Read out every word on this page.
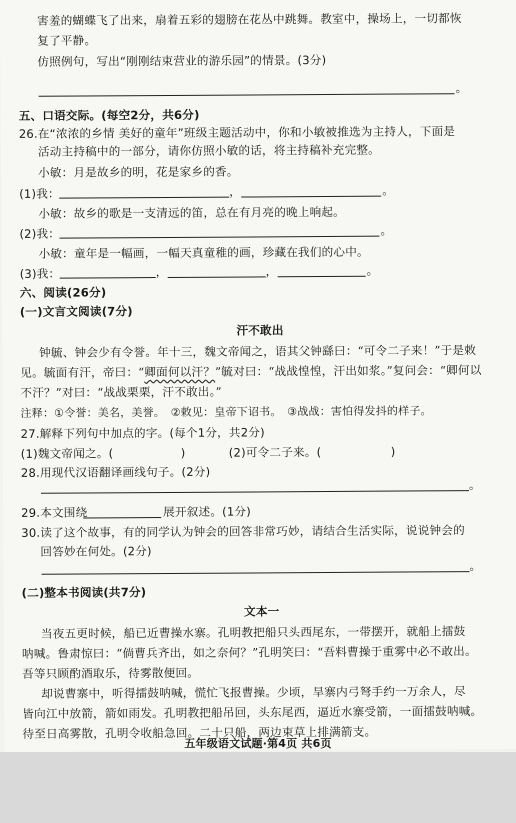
害羞的蝴蝶飞了出来，扇着五彩的翅膀在花丛中跳舞。教室中，操场上，一切都恢
复了平静。
仿照例句，写出“刚刚结束营业的游乐园”的情景。(3分)
。
五、口语交际。(每空2分，共6分)
26.在“浓浓的乡情 美好的童年”班级主题活动中，你和小敏被推选为主持人，下面是
活动主持稿中的一部分，请你仿照小敏的话，将主持稿补充完整。
小敏：月是故乡的明，花是家乡的香。
(1)我：	，	。
小敏：故乡的歌是一支清远的笛，总在有月亮的晚上响起。
(2)我：	。
小敏：童年是一幅画，一幅天真童稚的画，珍藏在我们的心中。
(3)我：	，	，	。
六、阅读(26分)
(一)文言文阅读(7分)
汗不敢出
钟毓、钟会少有令誉。年十三，魏文帝闻之，语其父钟繇曰：“可令二子来！”于是敕
见。毓面有汗，帝曰：“卿面何以汗？”毓对曰：“战战惶惶，汗出如浆。”复问会：“卿何以
不汗？”对曰：“战战栗栗，汗不敢出。”
注释：①令誉：美名，美誉。　②敕见：皇帝下诏书。　③战战：害怕得发抖的样子。
27.解释下列句中加点的字。(每个1分，共2分)
(1)魏文帝闻之。(	)	(2)可令二子来。(	)
28.用现代汉语翻译画线句子。(2分)
。
29.本文围绕	展开叙述。(1分)
30.读了这个故事，有的同学认为钟会的回答非常巧妙，请结合生活实际，说说钟会的
回答妙在何处。(2分)
。
(二)整本书阅读(共7分)
文本一
当夜五更时候，船已近曹操水寨。孔明教把船只头西尾东，一带摆开，就船上擂鼓
呐喊。鲁肃惊曰：“倘曹兵齐出，如之奈何？”孔明笑曰：“吾料曹操于重雾中必不敢出。
吾等只顾酌酒取乐，待雾散便回。
却说曹寨中，听得擂鼓呐喊，慌忙飞报曹操。少顷，旱寨内弓弩手约一万余人，尽
皆向江中放箭，箭如雨发。孔明教把船吊回，头东尾西，逼近水寨受箭，一面擂鼓呐喊。
待至日高雾散，孔明令收船急回。二十只船，两边束草上排满箭支。
五年级语文试题·第4页 共6页
